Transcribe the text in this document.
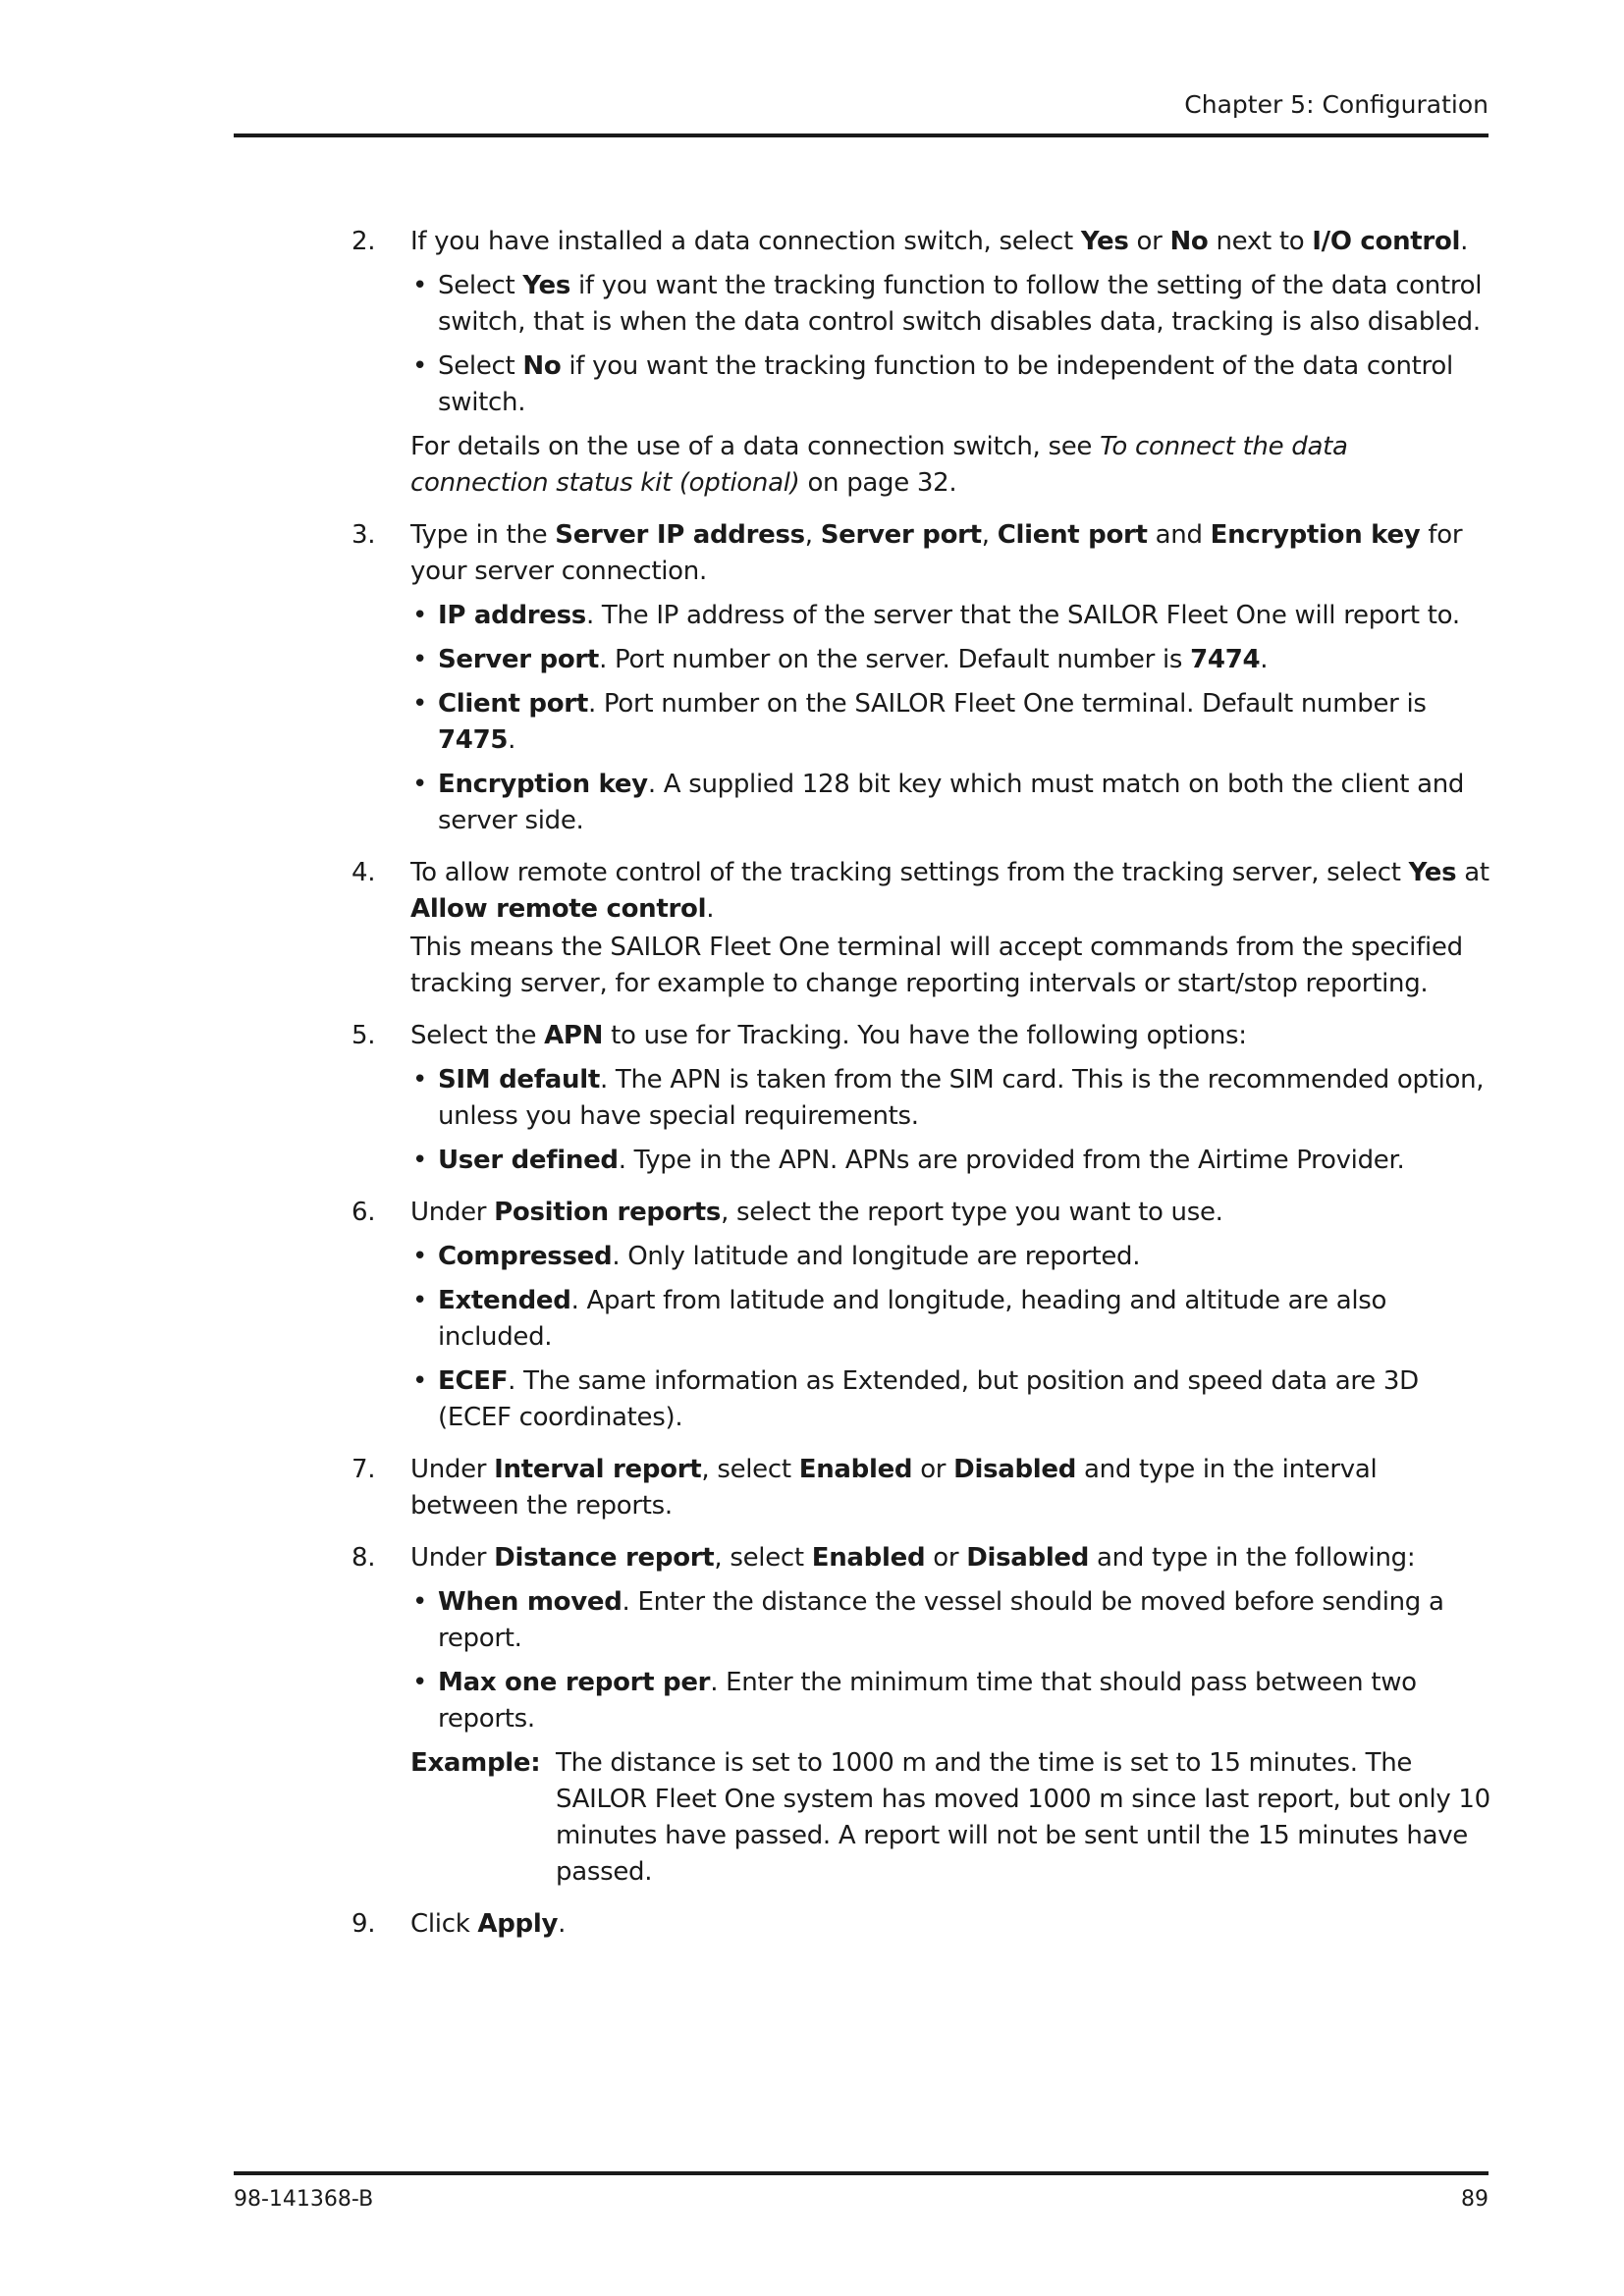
Chapter 5: Configuration
2. If you have installed a data connection switch, select Yes or No next to I/O control.

• Select Yes if you want the tracking function to follow the setting of the data control switch, that is when the data control switch disables data, tracking is also disabled.
• Select No if you want the tracking function to be independent of the data control switch.

For details on the use of a data connection switch, see To connect the data connection status kit (optional) on page 32.

3. Type in the Server IP address, Server port, Client port and Encryption key for your server connection.

• IP address. The IP address of the server that the SAILOR Fleet One will report to.
• Server port. Port number on the server. Default number is 7474.
• Client port. Port number on the SAILOR Fleet One terminal. Default number is 7475.
• Encryption key. A supplied 128 bit key which must match on both the client and server side.
4. To allow remote control of the tracking settings from the tracking server, select Yes at Allow remote control.

This means the SAILOR Fleet One terminal will accept commands from the specified tracking server, for example to change reporting intervals or start/stop reporting.

5. Select the APN to use for Tracking. You have the following options:

• SIM default. The APN is taken from the SIM card. This is the recommended option, unless you have special requirements.
• User defined. Type in the APN. APNs are provided from the Airtime Provider.
6. Under Position reports, select the report type you want to use.

• Compressed. Only latitude and longitude are reported.
• Extended. Apart from latitude and longitude, heading and altitude are also included.
• ECEF. The same information as Extended, but position and speed data are 3D (ECEF coordinates).
7. Under Interval report, select Enabled or Disabled and type in the interval between the reports.

8. Under Distance report, select Enabled or Disabled and type in the following:

• When moved. Enter the distance the vessel should be moved before sending a report.
• Max one report per. Enter the minimum time that should pass between two reports.
Example: The distance is set to 1000 m and the time is set to 15 minutes. The SAILOR Fleet One system has moved 1000 m since last report, but only 10 minutes have passed. A report will not be sent until the 15 minutes have passed.
9. Click Apply.

98-141368-B	89
